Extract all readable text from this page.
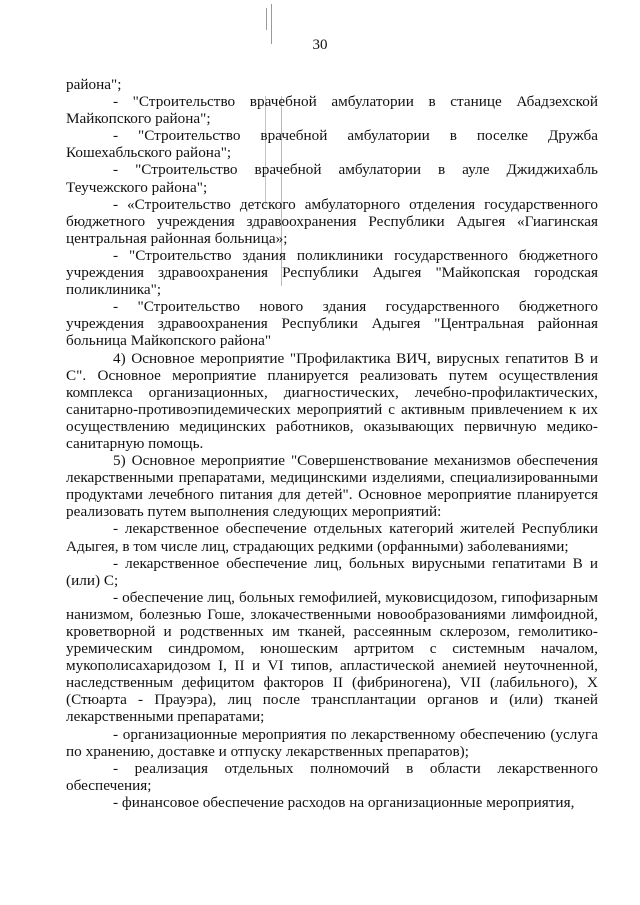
30

района";

- "Строительство врачебной амбулатории в станице Абадзехской Майкопского района";

- "Строительство врачебной амбулатории в поселке Дружба Кошехабльского района";

- "Строительство врачебной амбулатории в ауле Джиджихабль Теучежского района";

- «Строительство детского амбулаторного отделения государственного бюджетного учреждения здравоохранения Республики Адыгея «Гиагинская центральная районная больница»;

- "Строительство здания поликлиники государственного бюджетного учреждения здравоохранения Республики Адыгея "Майкопская городская поликлиника";

- "Строительство нового здания государственного бюджетного учреждения здравоохранения Республики Адыгея "Центральная районная больница Майкопского района"

4) Основное мероприятие "Профилактика ВИЧ, вирусных гепатитов В и С". Основное мероприятие планируется реализовать путем осуществления комплекса организационных, диагностических, лечебно-профилактических, санитарно-противоэпидемических мероприятий с активным привлечением к их осуществлению медицинских работников, оказывающих первичную медико-санитарную помощь.

5) Основное мероприятие "Совершенствование механизмов обеспечения лекарственными препаратами, медицинскими изделиями, специализированными продуктами лечебного питания для детей". Основное мероприятие планируется реализовать путем выполнения следующих мероприятий:

- лекарственное обеспечение отдельных категорий жителей Республики Адыгея, в том числе лиц, страдающих редкими (орфанными) заболеваниями;

- лекарственное обеспечение лиц, больных вирусными гепатитами В и (или) С;

- обеспечение лиц, больных гемофилией, муковисцидозом, гипофизарным нанизмом, болезнью Гоше, злокачественными новообразованиями лимфоидной, кроветворной и родственных им тканей, рассеянным склерозом, гемолитико-уремическим синдромом, юношеским артритом с системным началом, мукополисахаридозом I, II и VI типов, апластической анемией неуточненной, наследственным дефицитом факторов II (фибриногена), VII (лабильного), X (Стюарта - Прауэра), лиц после трансплантации органов и (или) тканей лекарственными препаратами;

- организационные мероприятия по лекарственному обеспечению (услуга по хранению, доставке и отпуску лекарственных препаратов);

- реализация отдельных полномочий в области лекарственного обеспечения;

- финансовое обеспечение расходов на организационные мероприятия,
